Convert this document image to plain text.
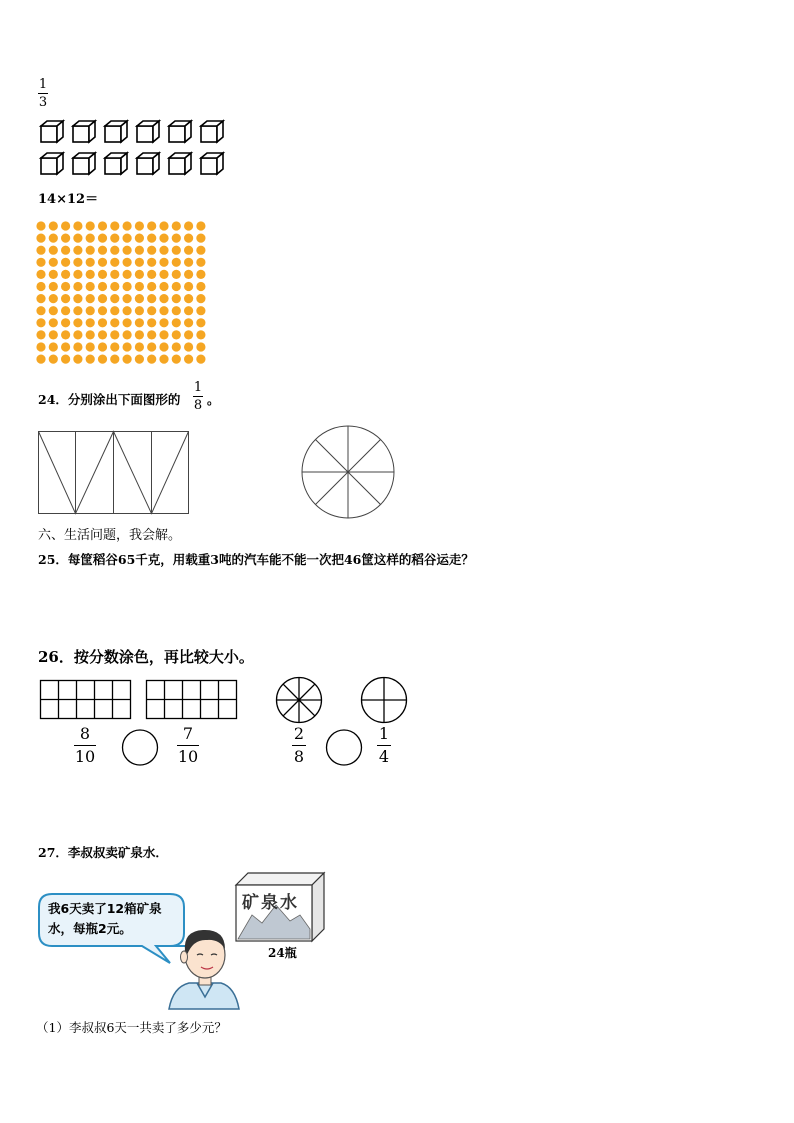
1
3
14×12＝
24．分别涂出下面图形的
1
8 。
六、生活问题，我会解。
25．每筐稻谷65千克，用载重3吨的汽车能不能一次把46筐这样的稻谷运走？
26．按分数涂色，再比较大小。
8
10
7
10
2
8
1
4
27．李叔叔卖矿泉水．
我6天卖了12箱矿泉水，每瓶2元。
矿泉水
24瓶
（1）李叔叔6天一共卖了多少元？
